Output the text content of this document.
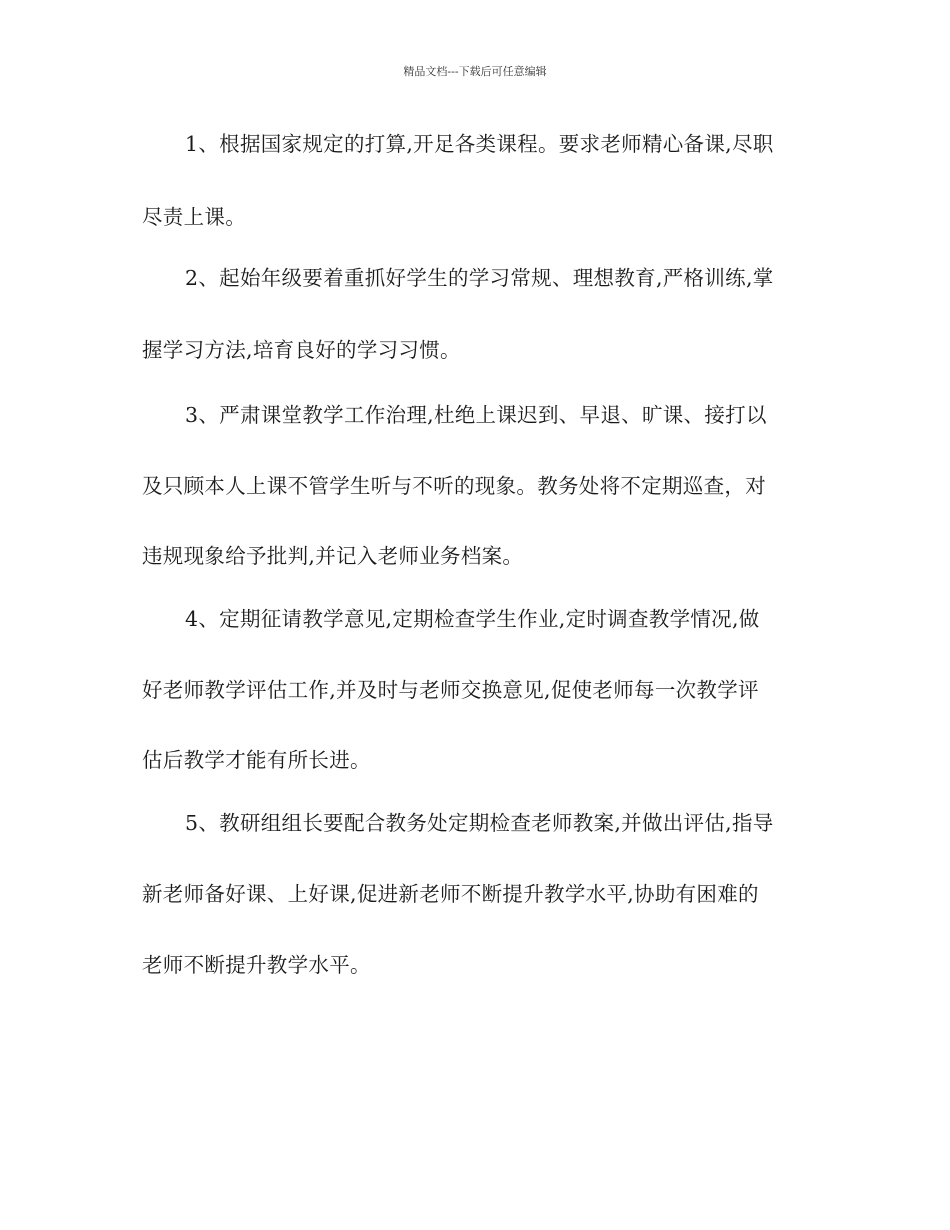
精品文档---下载后可任意编辑
1、根据国家规定的打算,开足各类课程。要求老师精心备课,尽职
尽责上课。
2、起始年级要着重抓好学生的学习常规、理想教育,严格训练,掌
握学习方法,培育良好的学习习惯。
3、严肃课堂教学工作治理,杜绝上课迟到、早退、旷课、接打以
及只顾本人上课不管学生听与不听的现象。教务处将不定期巡查，对
违规现象给予批判,并记入老师业务档案。
4、定期征请教学意见,定期检查学生作业,定时调查教学情况,做
好老师教学评估工作,并及时与老师交换意见,促使老师每一次教学评
估后教学才能有所长进。
5、教研组组长要配合教务处定期检查老师教案,并做出评估,指导
新老师备好课、上好课,促进新老师不断提升教学水平,协助有困难的
老师不断提升教学水平。
